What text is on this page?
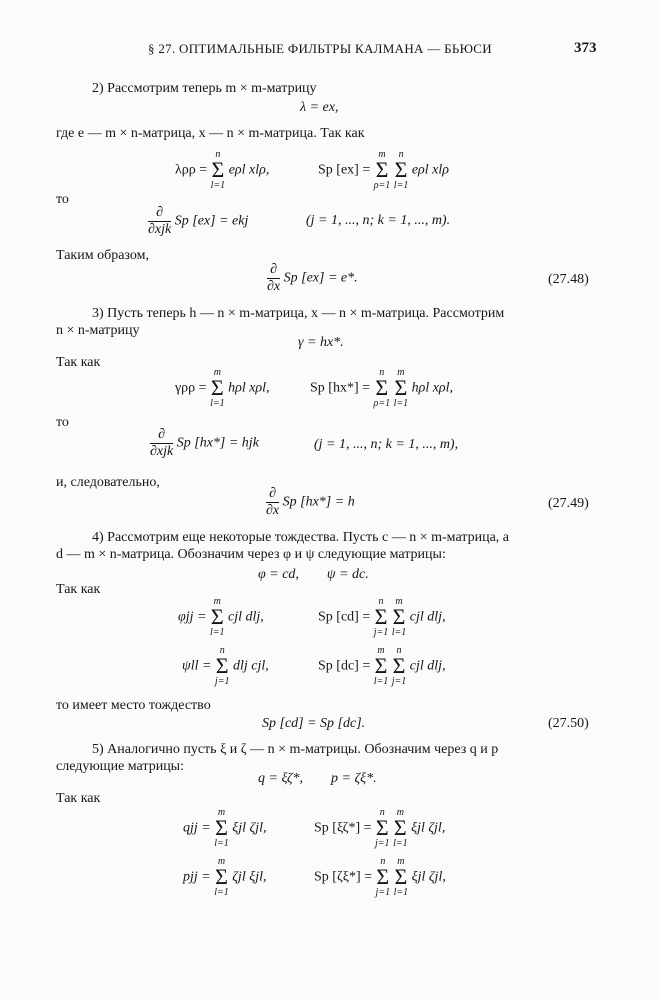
§ 27. ОПТИМАЛЬНЫЕ ФИЛЬТРЫ КАЛМАНА — БЬЮСИ	373
2) Рассмотрим теперь m × m-матрицу
λ = ex,
где e — m × n-матрица, x — n × m-матрица. Так как
λρρ =
n
Σ
l=1
eρl xlρ,	Sp [ex] =
m
Σ
ρ=1

n
Σ
l=1
eρl xlρ
то
$\frac{\partial}{\text{∂xjk}}$ Sp [ex] = ekj	(j = 1, ..., n; k = 1, ..., m).
Таким образом,
$\frac{\partial}{\partial x}$ Sp [ex] = e*.	(27.48)
3) Пусть теперь h — n × m-матрица, x — n × m-матрица. Рассмотрим
n × n-матрицу
γ = hx*.
Так как
γρρ =
m
Σ
l=1
hρl xρl,	Sp [hx*] =
n
Σ
ρ=1

m
Σ
l=1
hρl xρl,
то
$\frac{\partial}{\text{∂xjk}}$ Sp [hx*] = hjk	(j = 1, ..., n; k = 1, ..., m),
и, следовательно,
$\frac{\partial}{\partial x}$ Sp [hx*] = h	(27.49)
4) Рассмотрим еще некоторые тождества. Пусть c — n × m-матрица, а
d — m × n-матрица. Обозначим через φ и ψ следующие матрицы:
φ = cd,        ψ = dc.
Так как
φjj =
m
Σ
l=1
cjl dlj,	Sp [cd] =
n
Σ
j=1

m
Σ
l=1
cjl dlj,
ψll =
n
Σ
j=1
dlj cjl,	Sp [dc] =
m
Σ
l=1

n
Σ
j=1
cjl dlj,
то имеет место тождество
Sp [cd] = Sp [dc].	(27.50)
5) Аналогично пусть ξ и ζ — n × m-матрицы. Обозначим через q и p
следующие матрицы:
q = ξζ*,        p = ζξ*.
Так как
qjj =
m
Σ
l=1
ξjl ζjl,	Sp [ξζ*] =
n
Σ
j=1

m
Σ
l=1
ξjl ζjl,
pjj =
m
Σ
l=1
ζjl ξjl,	Sp [ζξ*] =
n
Σ
j=1

m
Σ
l=1
ξjl ζjl,
